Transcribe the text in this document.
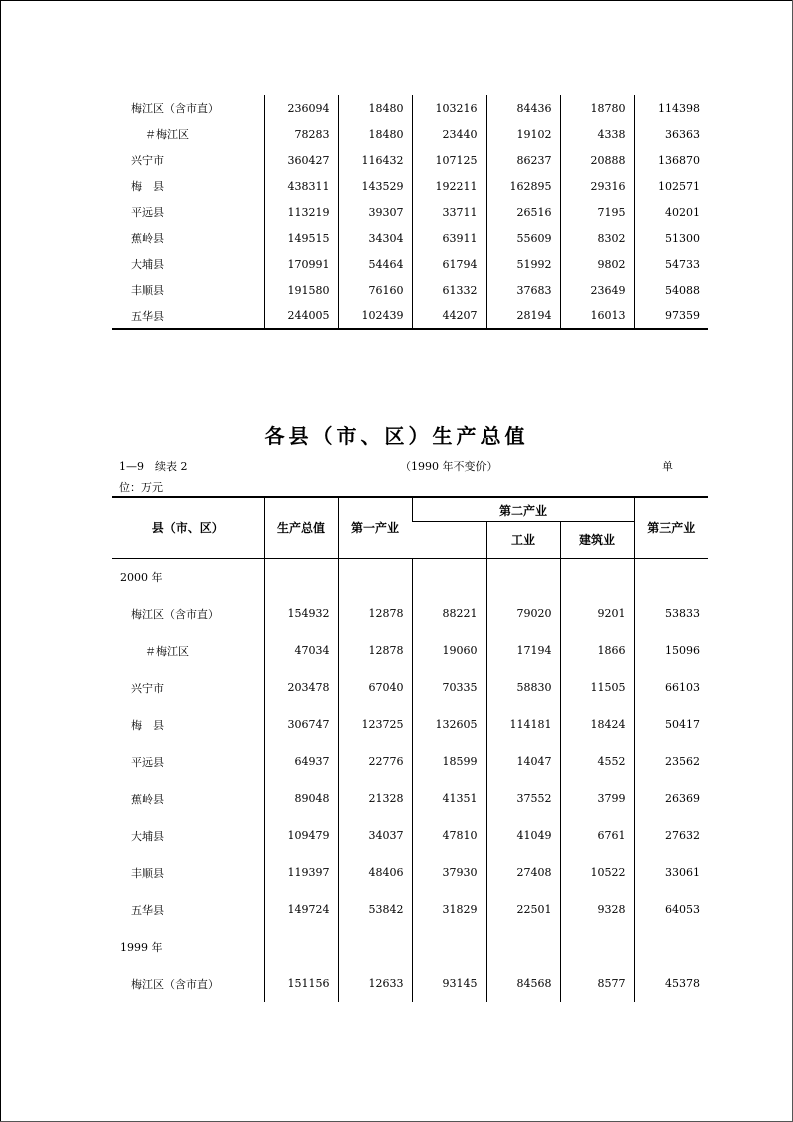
梅江区（含市直）	236094	18480	103216	84436	18780	114398
＃梅江区	78283	18480	23440	19102	4338	36363
兴宁市	360427	116432	107125	86237	20888	136870
梅　县	438311	143529	192211	162895	29316	102571
平远县	113219	39307	33711	26516	7195	40201
蕉岭县	149515	34304	63911	55609	8302	51300
大埔县	170991	54464	61794	51992	9802	54733
丰顺县	191580	76160	61332	37683	23649	54088
五华县	244005	102439	44207	28194	16013	97359
各县（市、区）生产总值
1—9　续表 2	（1990 年不变价）	单
位：万元
县（市、区）	生产总值	第一产业	第二产业			第三产业
				工业	建筑业	
2000 年						
梅江区（含市直）	154932	12878	88221	79020	9201	53833
＃梅江区	47034	12878	19060	17194	1866	15096
兴宁市	203478	67040	70335	58830	11505	66103
梅　县	306747	123725	132605	114181	18424	50417
平远县	64937	22776	18599	14047	4552	23562
蕉岭县	89048	21328	41351	37552	3799	26369
大埔县	109479	34037	47810	41049	6761	27632
丰顺县	119397	48406	37930	27408	10522	33061
五华县	149724	53842	31829	22501	9328	64053
1999 年						
梅江区（含市直）	151156	12633	93145	84568	8577	45378
